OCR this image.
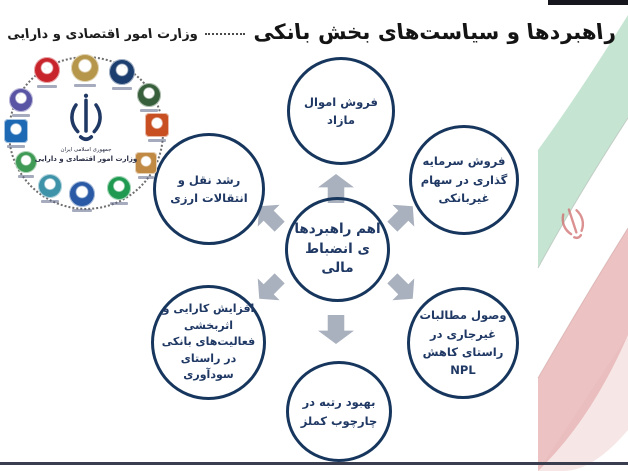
راهبردها و سیاست‌های بخش بانکی
وزارت امور اقتصادی و دارایی
جمهوری اسلامی ایران
وزارت امور اقتصادی و دارایی
اهم راهبردها ی انضباط مالی
فروش اموال مازاد
فروش سرمایه گذاری در سهام غیربانکی
وصول مطالبات غیرجاری در راستای کاهش NPL
بهبود رتبه در چارچوب کملز
افزایش کارایی و اثربخشی فعالیت‌های بانکی در راستای سودآوری
رشد نقل و انتقالات ارزی
